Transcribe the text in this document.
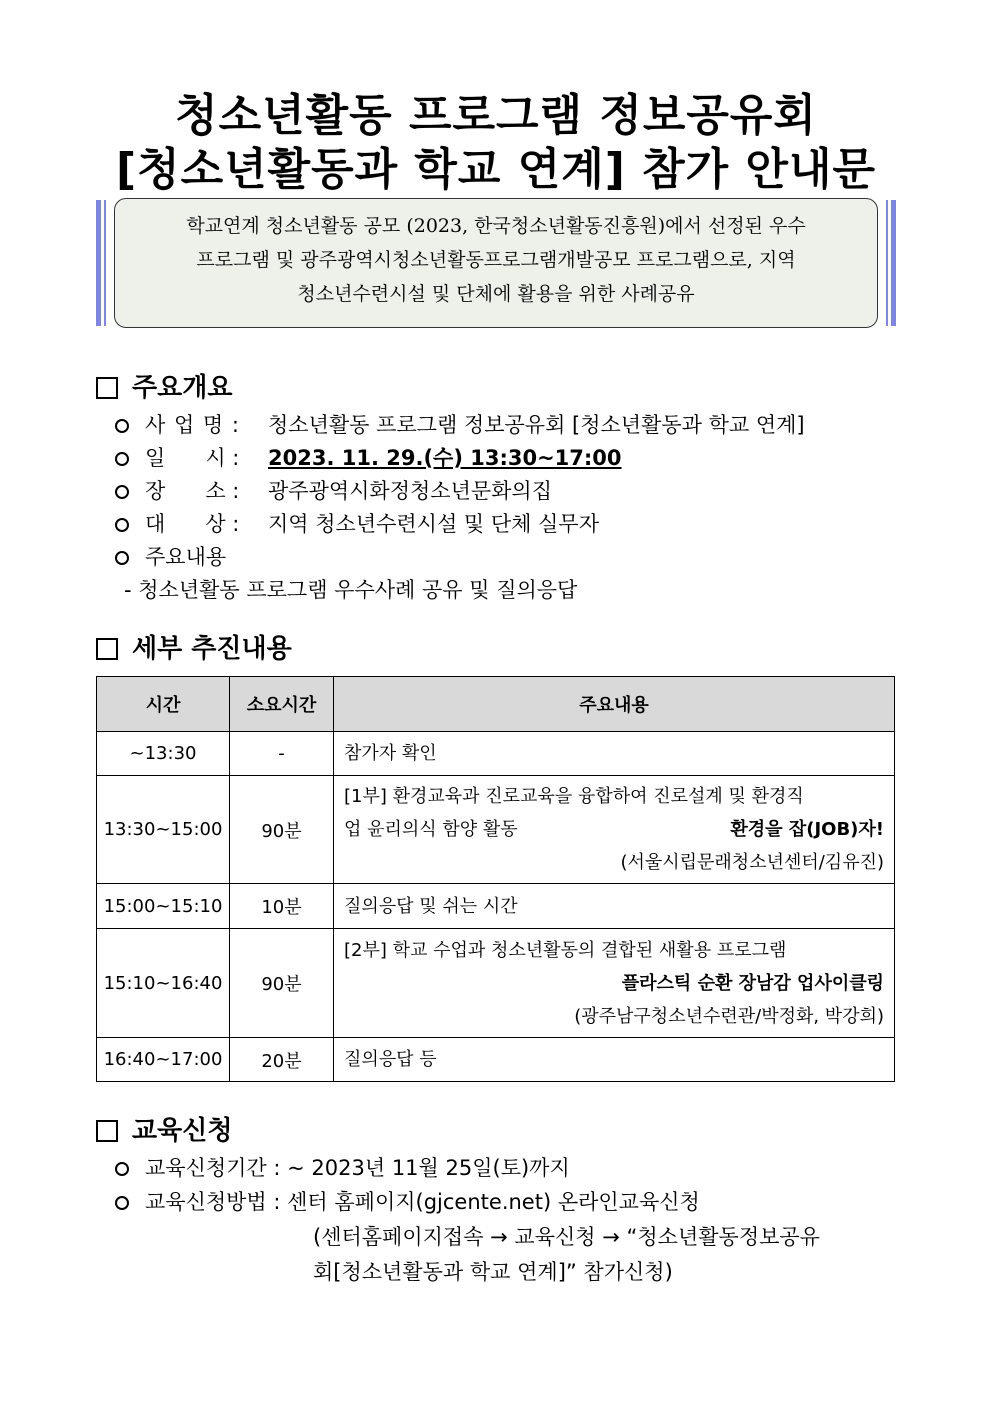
청소년활동 프로그램 정보공유회
[청소년활동과 학교 연계] 참가 안내문
학교연계 청소년활동 공모 (2023, 한국청소년활동진흥원)에서 선정된 우수
프로그램 및 광주광역시청소년활동프로그램개발공모 프로그램으로, 지역
청소년수련시설 및 단체에 활용을 위한 사례공유
주요개요
사 업 명 : 청소년활동 프로그램 정보공유회 [청소년활동과 학교 연계]
일      시 : 2023. 11. 29.(수) 13:30~17:00
장      소 : 광주광역시화정청소년문화의집
대      상 : 지역 청소년수련시설 및 단체 실무자
주요내용
- 청소년활동 프로그램 우수사례 공유 및 질의응답
세부 추진내용
시간	소요시간	주요내용
~13:30	-	참가자 확인
13:30~15:00	90분	[1부] 환경교육과 진로교육을 융합하여 진로설계 및 환경직
업 윤리의식 함양 활동 환경을 잡(JOB)자!
(서울시립문래청소년센터/김유진)

15:00~15:10	10분	질의응답 및 쉬는 시간
15:10~16:40	90분	[2부] 학교 수업과 청소년활동의 결합된 새활용 프로그램
플라스틱 순환 장남감 업사이클링
(광주남구청소년수련관/박정화, 박강희)

16:40~17:00	20분	질의응답 등
교육신청
교육신청기간 : ~ 2023년 11월 25일(토)까지
교육신청방법 : 센터 홈페이지(gjcente.net) 온라인교육신청
(센터홈페이지접속 → 교육신청 → “청소년활동정보공유
회[청소년활동과 학교 연계]” 참가신청)
